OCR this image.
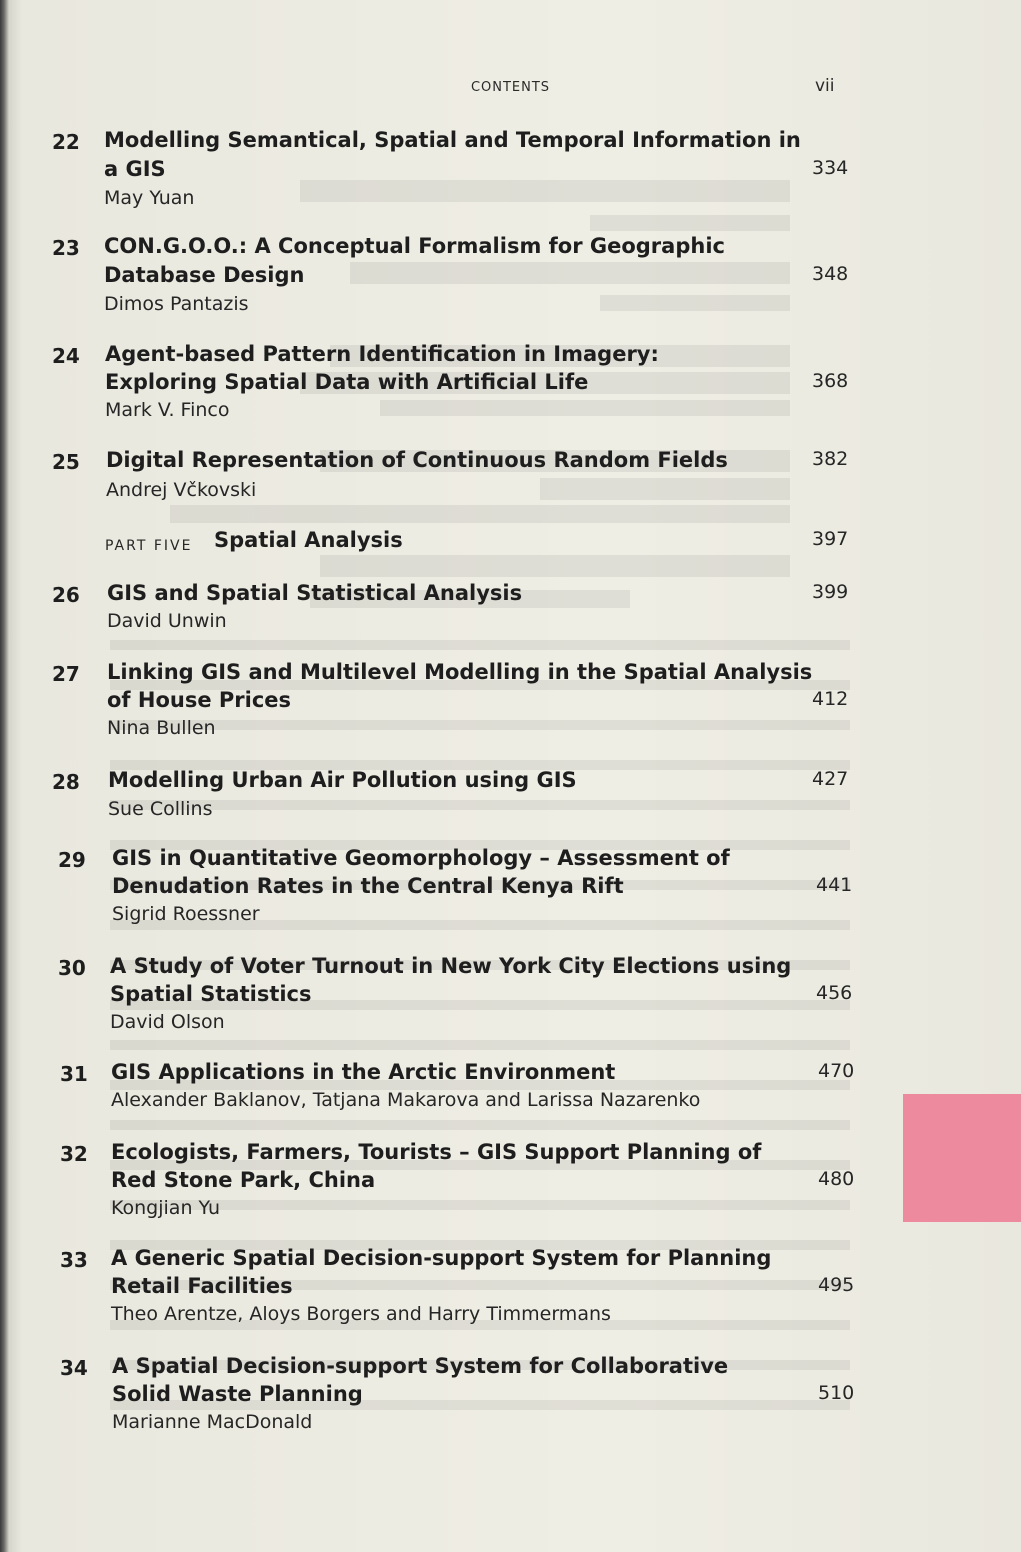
CONTENTS	vii
22	Modelling Semantical, Spatial and Temporal Information in
a GIS	334
May Yuan
23	CON.G.O.O.: A Conceptual Formalism for Geographic
Database Design	348
Dimos Pantazis
24	Agent-based Pattern Identification in Imagery:
Exploring Spatial Data with Artificial Life	368
Mark V. Finco
25	Digital Representation of Continuous Random Fields	382
Andrej Včkovski
PART FIVE Spatial Analysis	397
26	GIS and Spatial Statistical Analysis	399
David Unwin
27	Linking GIS and Multilevel Modelling in the Spatial Analysis
of House Prices	412
Nina Bullen
28	Modelling Urban Air Pollution using GIS	427
Sue Collins
29	GIS in Quantitative Geomorphology – Assessment of
Denudation Rates in the Central Kenya Rift	441
Sigrid Roessner
30	A Study of Voter Turnout in New York City Elections using
Spatial Statistics	456
David Olson
31	GIS Applications in the Arctic Environment	470
Alexander Baklanov, Tatjana Makarova and Larissa Nazarenko
32	Ecologists, Farmers, Tourists – GIS Support Planning of
Red Stone Park, China	480
Kongjian Yu
33	A Generic Spatial Decision-support System for Planning
Retail Facilities	495
Theo Arentze, Aloys Borgers and Harry Timmermans
34	A Spatial Decision-support System for Collaborative
Solid Waste Planning	510
Marianne MacDonald
